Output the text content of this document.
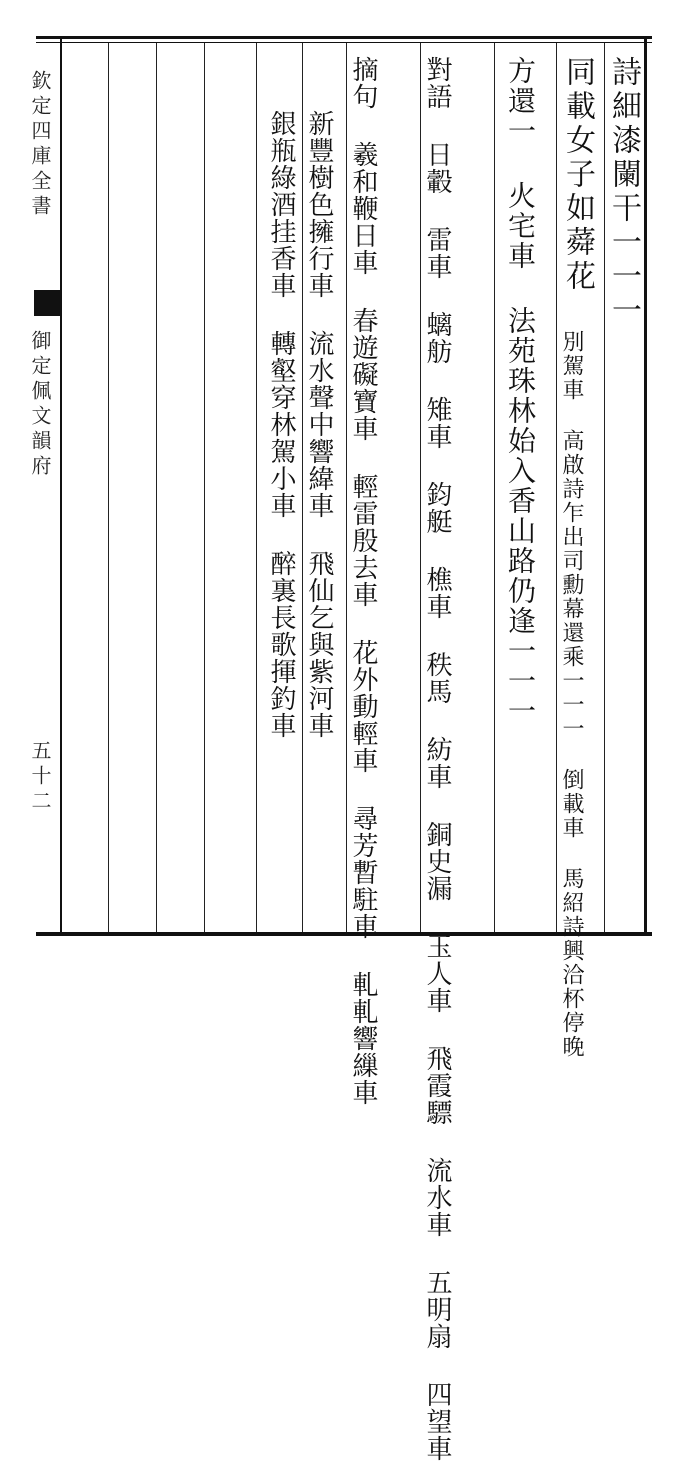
欽定四庫全書
御定佩文韻府
五十二
詩細漆闌干一一一
同載女子如蕣花
別駕車 高啟詩乍出司勳幕還乘一一一 倒載車 馬紹詩興洽杯停晚
方還一 火宅車 法苑珠林始入香山路仍逢一一一
對語 日轂 雷車 螭舫 雉車 鈞艇 樵車 秩馬 紡車 銅史漏 玉人車 飛霞驃 流水車 五明扇 四望車
摘句 羲和鞭日車 春遊礙寶車 輕雷殷去車 花外動輕車 尋芳暫駐車 軋軋響繅車
新豐樹色擁行車 流水聲中響緯車 飛仙乞與紫河車
銀瓶綠酒挂香車 轉壑穿林駕小車 醉裏長歌揮釣車
